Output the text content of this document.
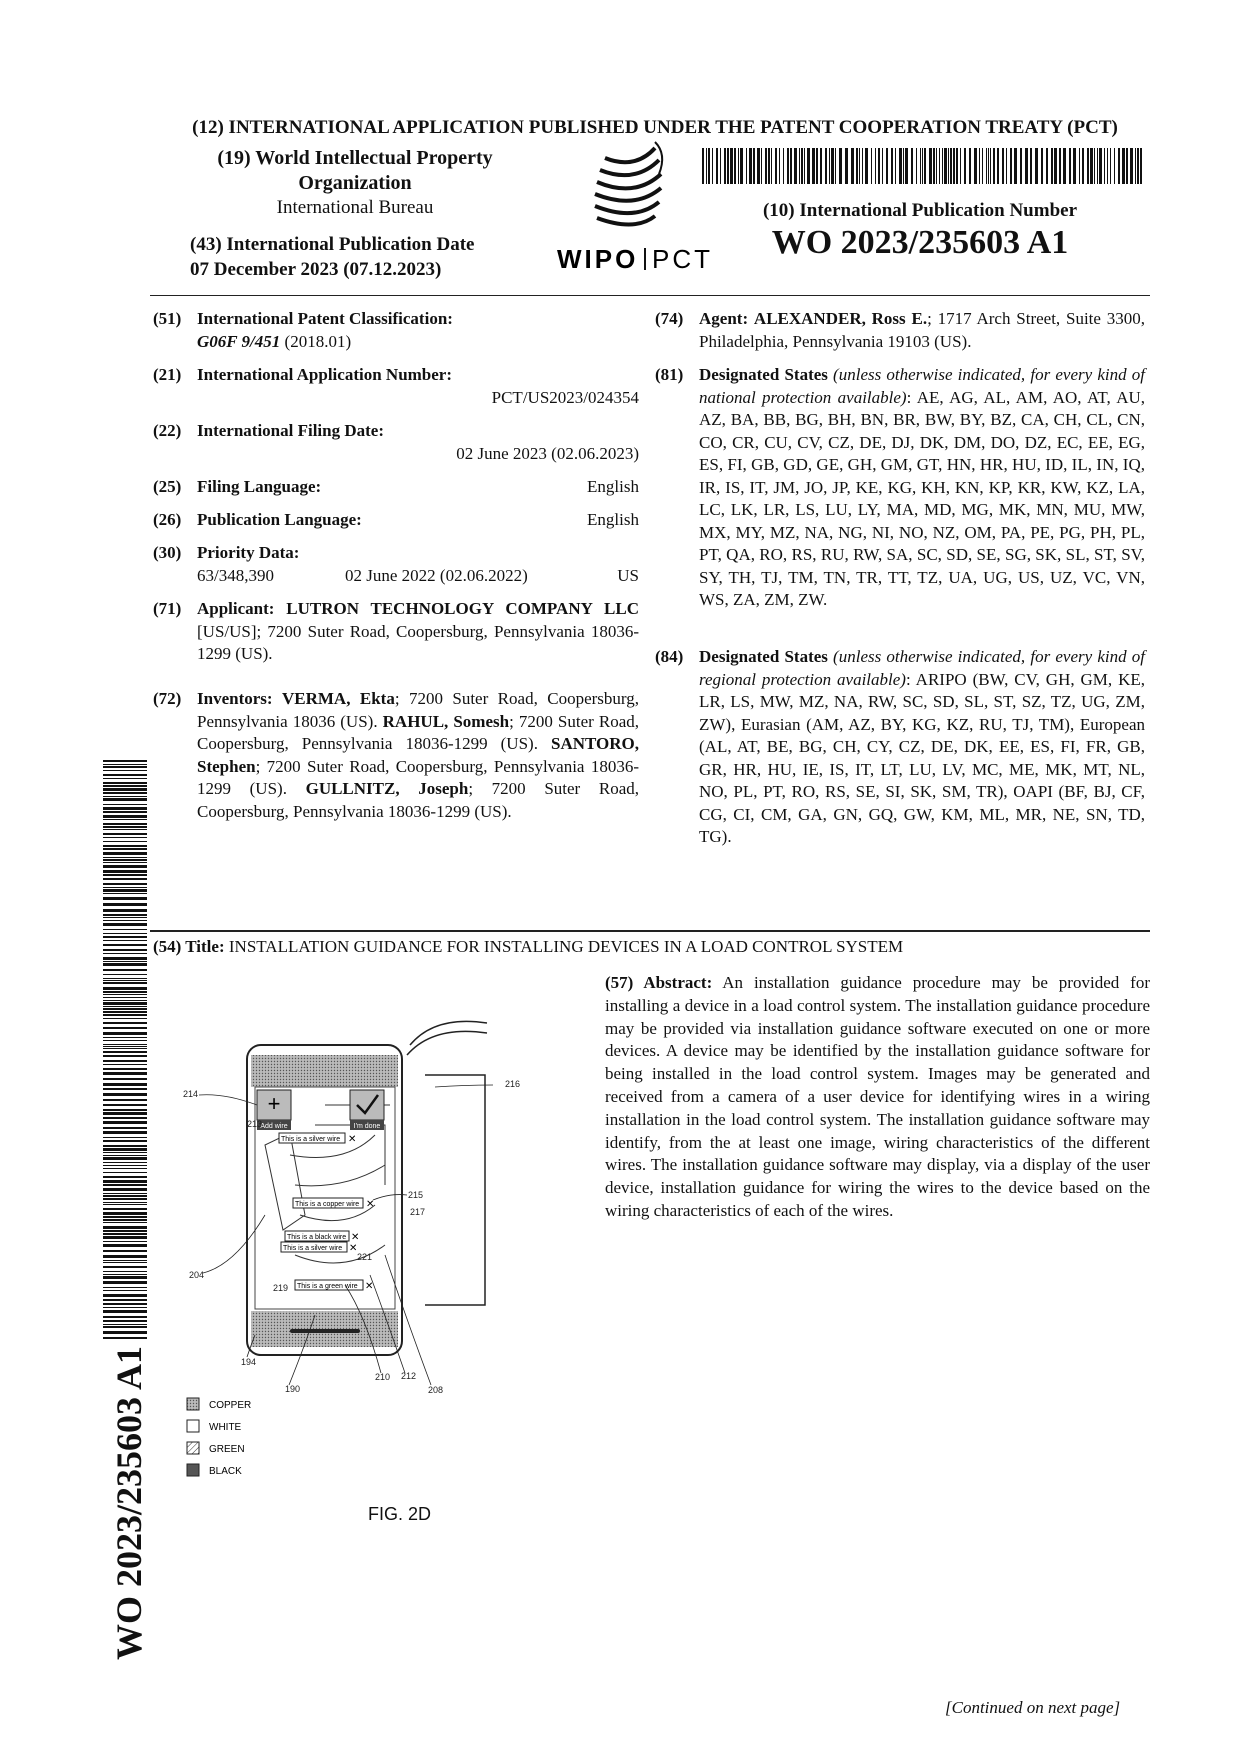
(12) INTERNATIONAL APPLICATION PUBLISHED UNDER THE PATENT COOPERATION TREATY (PCT)
(19) World Intellectual Property
Organization
International Bureau
(43) International Publication Date
07 December 2023 (07.12.2023)	WIPO PCT
(10) International Publication Number
WO 2023/235603 A1
(51) International Patent Classification:
G06F 9/451 (2018.01)
(21) International Application Number:
PCT/US2023/024354
(22) International Filing Date:
02 June 2023 (02.06.2023)
(25) Filing Language:	English
(26) Publication Language:	English
(30) Priority Data:
63/348,390	02 June 2022 (02.06.2022)	US
(71) Applicant: LUTRON TECHNOLOGY COMPANY LLC [US/US]; 7200 Suter Road, Coopersburg, Pennsylvania 18036-1299 (US).
(72) Inventors: VERMA, Ekta; 7200 Suter Road, Coopersburg, Pennsylvania 18036 (US). RAHUL, Somesh; 7200 Suter Road, Coopersburg, Pennsylvania 18036-1299 (US). SANTORO, Stephen; 7200 Suter Road, Coopersburg, Pennsylvania 18036-1299 (US). GULLNITZ, Joseph; 7200 Suter Road, Coopersburg, Pennsylvania 18036-1299 (US).
(74) Agent: ALEXANDER, Ross E.; 1717 Arch Street, Suite 3300, Philadelphia, Pennsylvania 19103 (US).
(81) Designated States (unless otherwise indicated, for every kind of national protection available): AE, AG, AL, AM, AO, AT, AU, AZ, BA, BB, BG, BH, BN, BR, BW, BY, BZ, CA, CH, CL, CN, CO, CR, CU, CV, CZ, DE, DJ, DK, DM, DO, DZ, EC, EE, EG, ES, FI, GB, GD, GE, GH, GM, GT, HN, HR, HU, ID, IL, IN, IQ, IR, IS, IT, JM, JO, JP, KE, KG, KH, KN, KP, KR, KW, KZ, LA, LC, LK, LR, LS, LU, LY, MA, MD, MG, MK, MN, MU, MW, MX, MY, MZ, NA, NG, NI, NO, NZ, OM, PA, PE, PG, PH, PL, PT, QA, RO, RS, RU, RW, SA, SC, SD, SE, SG, SK, SL, ST, SV, SY, TH, TJ, TM, TN, TR, TT, TZ, UA, UG, US, UZ, VC, VN, WS, ZA, ZM, ZW.
(84) Designated States (unless otherwise indicated, for every kind of regional protection available): ARIPO (BW, CV, GH, GM, KE, LR, LS, MW, MZ, NA, RW, SC, SD, SL, ST, SZ, TZ, UG, ZM, ZW), Eurasian (AM, AZ, BY, KG, KZ, RU, TJ, TM), European (AL, AT, BE, BG, CH, CY, CZ, DE, DK, EE, ES, FI, FR, GB, GR, HR, HU, IE, IS, IT, LT, LU, LV, MC, ME, MK, MT, NL, NO, PL, PT, RO, RS, SE, SI, SK, SM, TR), OAPI (BF, BJ, CF, CG, CI, CM, GA, GN, GQ, GW, KM, ML, MR, NE, SN, TD, TG).
(54) Title: INSTALLATION GUIDANCE FOR INSTALLING DEVICES IN A LOAD CONTROL SYSTEM
(57) Abstract: An installation guidance procedure may be provided for installing a device in a load control system. The installation guidance procedure may be provided via installation guidance software executed on one or more devices. A device may be identified by the installation guidance software for being installed in the load control system. Images may be generated and received from a camera of a user device for identifying wires in a wiring installation in the load control system. The installation guidance software may identify, from the at least one image, wiring characteristics of the different wires. The installation guidance software may display, via a display of the user device, installation guidance for wiring the wires to the device based on the wiring characteristics of each of the wires.
+
Add wire	I'm done
This is a silver wire ✕
This is a copper wire ✕
This is a black wire ✕
This is a silver wire ✕
This is a green wire ✕
214
213
216
215
217
221
204
219
194
190
210 212
208
COPPER
WHITE
GREEN
BLACK
FIG. 2D
WO 2023/235603 A1
[Continued on next page]
